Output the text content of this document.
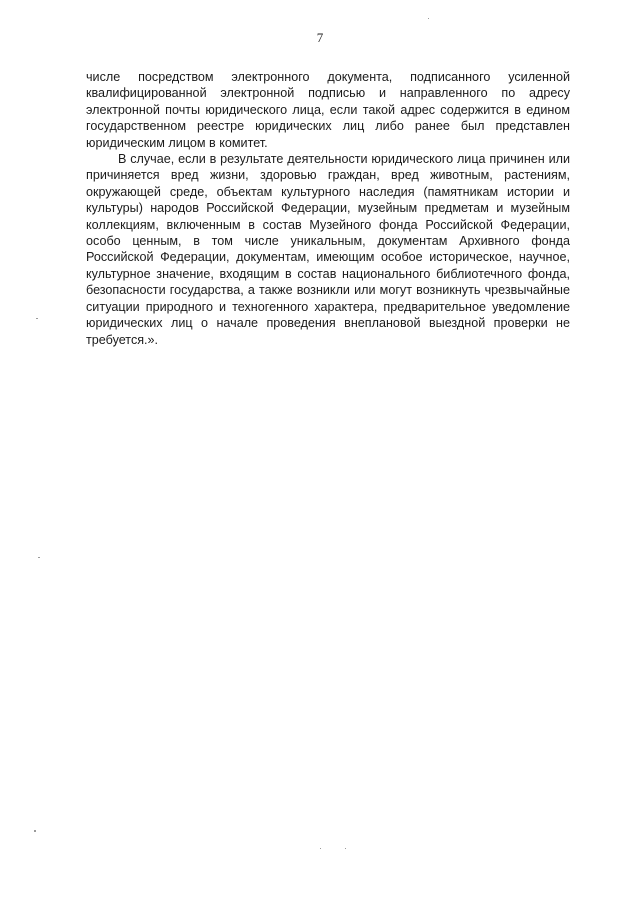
7

числе посредством электронного документа, подписанного усиленной квалифицированной электронной подписью и направленного по адресу электронной почты юридического лица, если такой адрес содержится в едином государственном реестре юридических лиц либо ранее был представлен юридическим лицом в комитет.

В случае, если в результате деятельности юридического лица причинен или причиняется вред жизни, здоровью граждан, вред животным, растениям, окружающей среде, объектам культурного наследия (памятникам истории и культуры) народов Российской Федерации, музейным предметам и музейным коллекциям, включенным в состав Музейного фонда Российской Федерации, особо ценным, в том числе уникальным, документам Архивного фонда Российской Федерации, документам, имеющим особое историческое, научное, культурное значение, входящим в состав национального библиотечного фонда, безопасности государства, а также возникли или могут возникнуть чрезвычайные ситуации природного и техногенного характера, предварительное уведомление юридических лиц о начале проведения внеплановой выездной проверки не требуется.».
